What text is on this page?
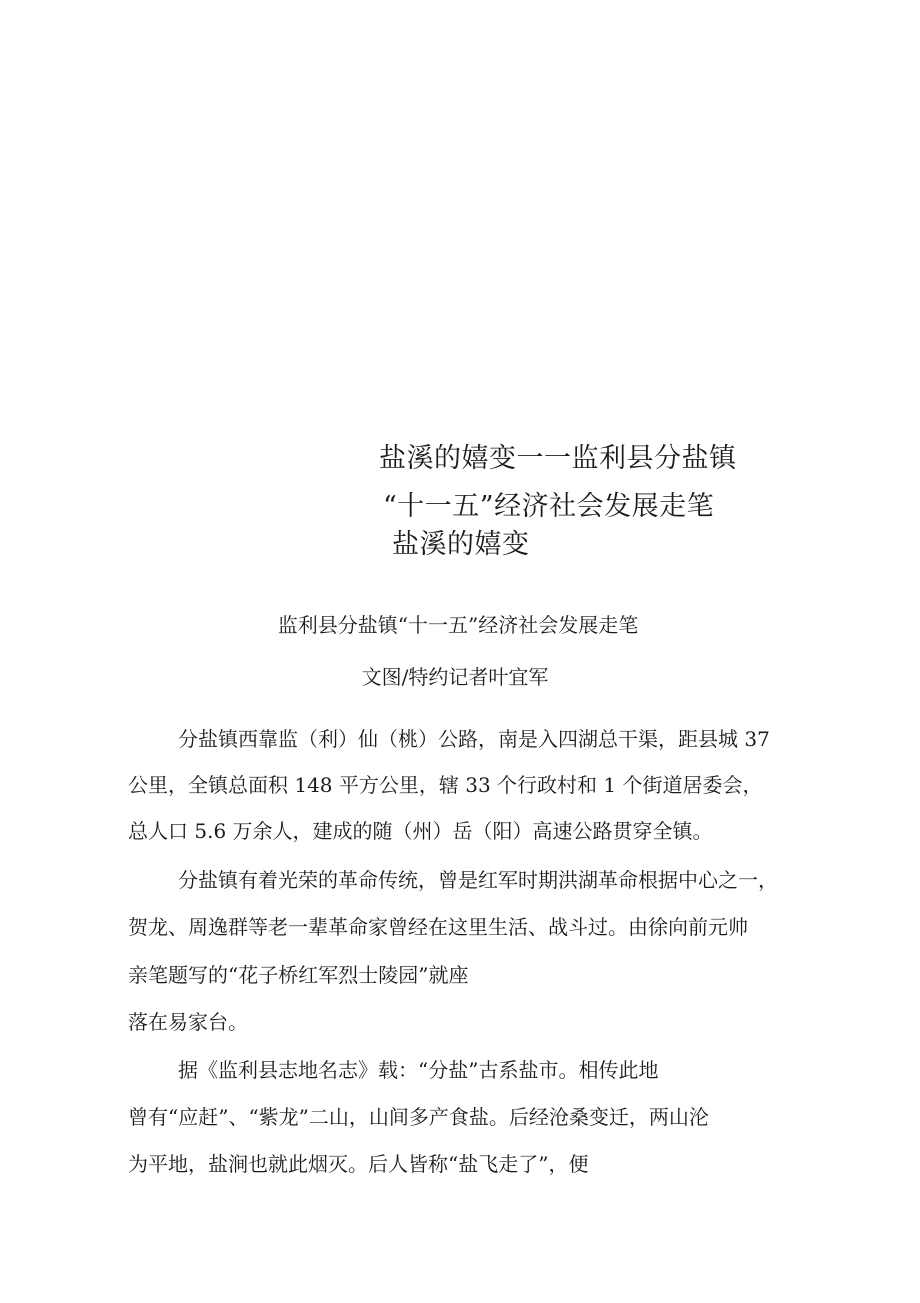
盐溪的嬉变一一监利县分盐镇
“十一五”经济社会发展走笔
盐溪的嬉变
监利县分盐镇“十一五”经济社会发展走笔
文图/特约记者叶宜军
分盐镇西靠监（利）仙（桃）公路，南是入四湖总干渠，距县城 37
公里，全镇总面积 148 平方公里，辖 33 个行政村和 1 个街道居委会，
总人口 5.6 万余人，建成的随（州）岳（阳）高速公路贯穿全镇。
分盐镇有着光荣的革命传统，曾是红军时期洪湖革命根据中心之一，
贺龙、周逸群等老一辈革命家曾经在这里生活、战斗过。由徐向前元帅
亲笔题写的“花子桥红军烈士陵园”就座
落在易家台。
据《监利县志地名志》载：“分盐”古系盐市。相传此地
曾有“应赶”、“紫龙”二山，山间多产食盐。后经沧桑变迁，两山沦
为平地，盐涧也就此烟灭。后人皆称“盐飞走了”，便
